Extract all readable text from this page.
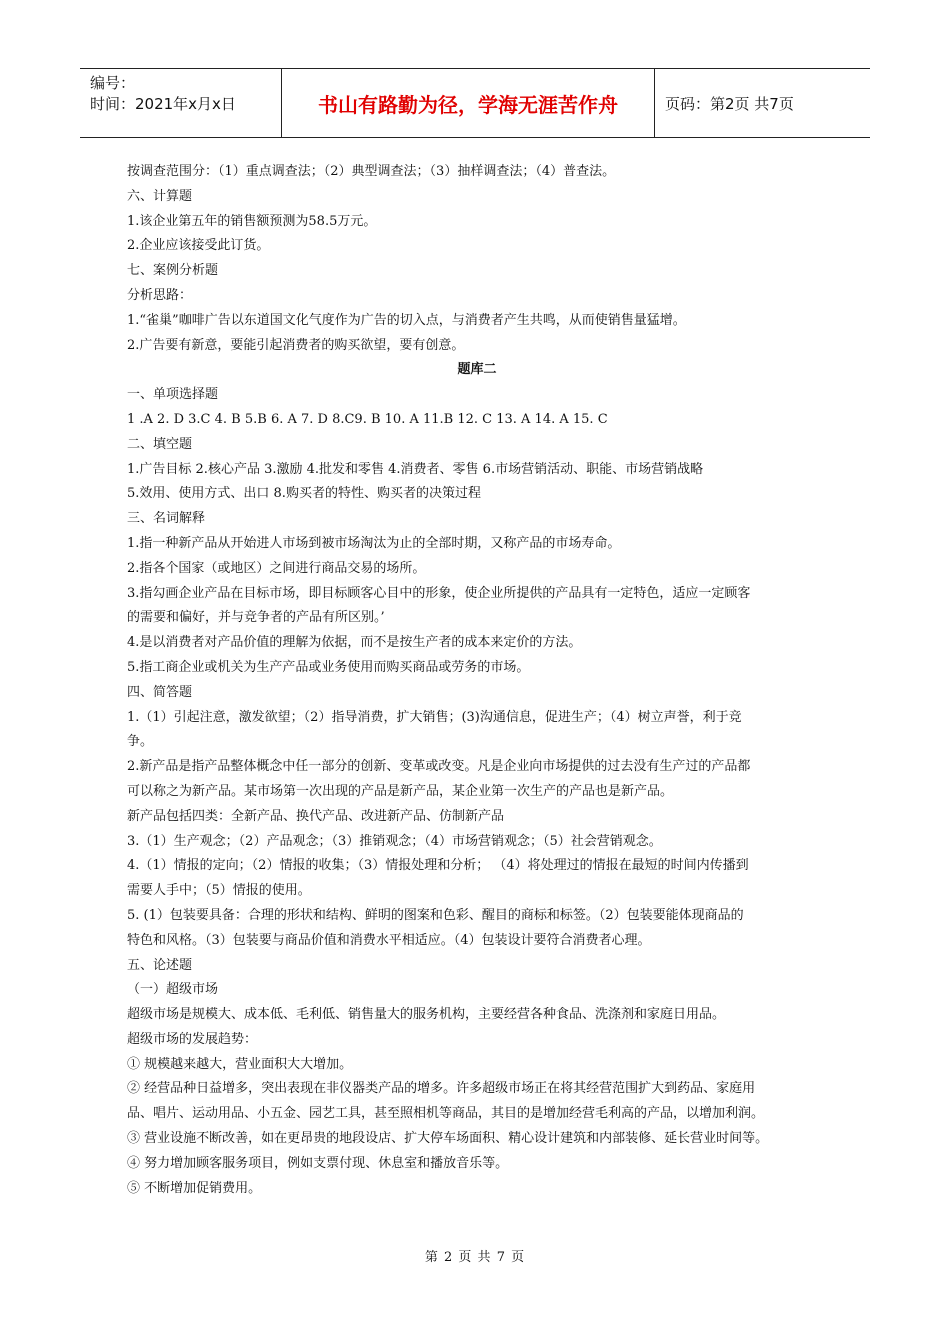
编号：
时间：2021年x月x日	书山有路勤为径，学海无涯苦作舟	页码：第2页 共7页
按调查范围分：（1）重点调查法；（2）典型调查法；（3）抽样调查法；（4）普查法。
六、计算题
1.该企业第五年的销售额预测为58.5万元。
2.企业应该接受此订货。
七、案例分析题
分析思路：
1.“雀巢”咖啡广告以东道国文化气度作为广告的切入点，与消费者产生共鸣，从而使销售量猛增。
2.广告要有新意，要能引起消费者的购买欲望，要有创意。
题库二
一、单项选择题
1 .A 2. D 3.C 4. B 5.B 6. A 7. D 8.C9. B 10. A 11.B 12. C 13. A 14. A 15. C
二、填空题
1.广告目标 2.核心产品 3.激励 4.批发和零售 4.消费者、零售 6.市场营销活动、职能、市场营销战略
5.效用、使用方式、出口 8.购买者的特性、购买者的决策过程
三、名词解释
1.指一种新产品从开始进人市场到被市场淘汰为止的全部时期，又称产品的市场寿命。
2.指各个国家（或地区）之间进行商品交易的场所。
3.指勾画企业产品在目标市场，即目标顾客心目中的形象，使企业所提供的产品具有一定特色，适应一定顾客
的需要和偏好，并与竞争者的产品有所区别。’
4.是以消费者对产品价值的理解为依据，而不是按生产者的成本来定价的方法。
5.指工商企业或机关为生产产品或业务使用而购买商品或劳务的市场。
四、简答题
1.（1）引起注意，激发欲望；（2）指导消费，扩大销售；(3)沟通信息，促进生产；（4）树立声誉，利于竞
争。
2.新产品是指产品整体概念中任一部分的创新、变革或改变。凡是企业向市场提供的过去没有生产过的产品都
可以称之为新产品。某市场第一次出现的产品是新产品，某企业第一次生产的产品也是新产品。
新产品包括四类：全新产品、换代产品、改进新产品、仿制新产品
3.（1）生产观念；（2）产品观念；（3）推销观念；（4）市场营销观念；（5）社会营销观念。
4.（1）情报的定向；（2）情报的收集；（3）情报处理和分析； （4）将处理过的情报在最短的时间内传播到
需要人手中；（5）情报的使用。
5. (1）包装要具备：合理的形状和结构、鲜明的图案和色彩、醒目的商标和标签。（2）包装要能体现商品的
特色和风格。（3）包装要与商品价值和消费水平相适应。（4）包装设计要符合消费者心理。
五、论述题
（一）超级市场
超级市场是规模大、成本低、毛利低、销售量大的服务机构，主要经营各种食品、洗涤剂和家庭日用品。
超级市场的发展趋势：
① 规模越来越大，营业面积大大增加。
② 经营品种日益增多，突出表现在非仪器类产品的增多。许多超级市场正在将其经营范围扩大到药品、家庭用
品、唱片、运动用品、小五金、园艺工具，甚至照相机等商品，其目的是增加经营毛利高的产品，以增加利润。
③ 营业设施不断改善，如在更昂贵的地段设店、扩大停车场面积、精心设计建筑和内部装修、延长营业时间等。
④ 努力增加顾客服务项目，例如支票付现、休息室和播放音乐等。
⑤ 不断增加促销费用。
第 2 页 共 7 页
